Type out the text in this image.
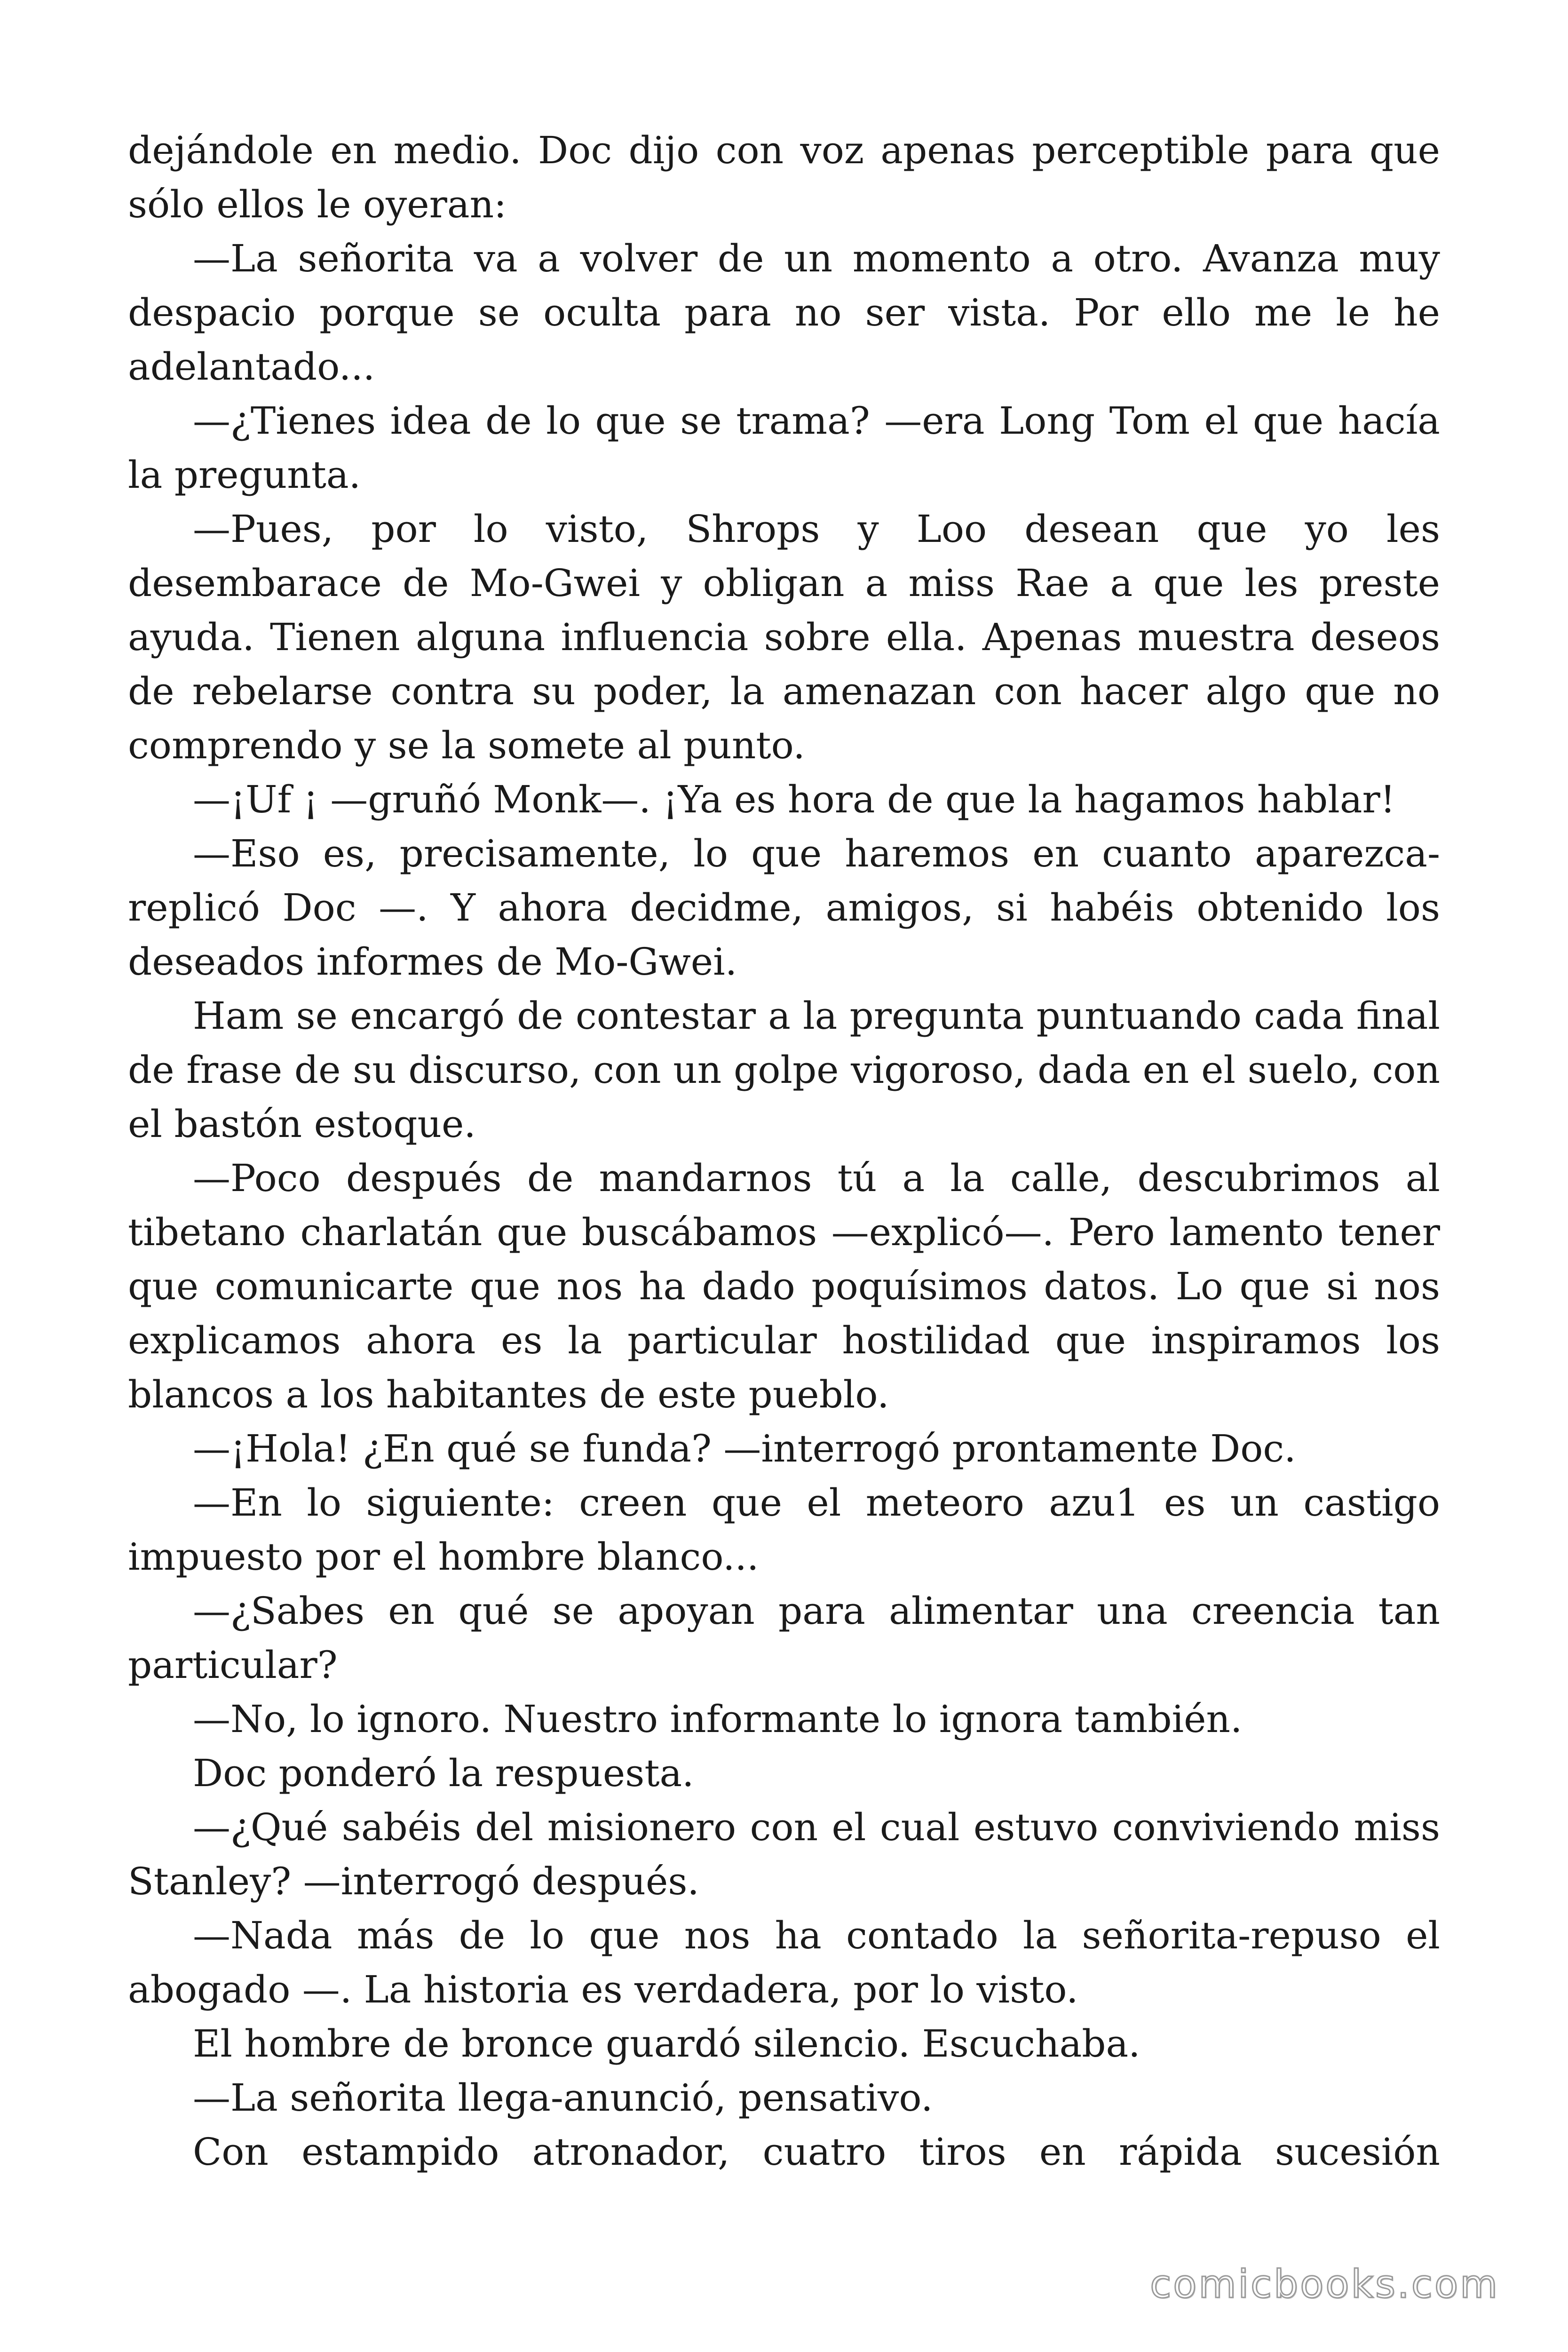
dejándole en medio. Doc dijo con voz apenas perceptible para que sólo ellos le oyeran:

—La señorita va a volver de un momento a otro. Avanza muy despacio porque se oculta para no ser vista. Por ello me le he adelantado...

—¿Tienes idea de lo que se trama? —era Long Tom el que hacía la pregunta.

—Pues, por lo visto, Shrops y Loo desean que yo les desembarace de Mo-Gwei y obligan a miss Rae a que les preste ayuda. Tienen alguna influencia sobre ella. Apenas muestra deseos de rebelarse contra su poder, la amenazan con hacer algo que no comprendo y se la somete al punto.

—¡Uf ¡ —gruñó Monk—. ¡Ya es hora de que la hagamos hablar!

—Eso es, precisamente, lo que haremos en cuanto aparezca-replicó Doc —. Y ahora decidme, amigos, si habéis obtenido los deseados informes de Mo-Gwei.

Ham se encargó de contestar a la pregunta puntuando cada final de frase de su discurso, con un golpe vigoroso, dada en el suelo, con el bastón estoque.

—Poco después de mandarnos tú a la calle, descubrimos al tibetano charlatán que buscábamos —explicó—. Pero lamento tener que comunicarte que nos ha dado poquísimos datos. Lo que si nos explicamos ahora es la particular hostilidad que inspiramos los blancos a los habitantes de este pueblo.

—¡Hola! ¿En qué se funda? —interrogó prontamente Doc.

—En lo siguiente: creen que el meteoro azu1 es un castigo impuesto por el hombre blanco...

—¿Sabes en qué se apoyan para alimentar una creencia tan particular?

—No, lo ignoro. Nuestro informante lo ignora también.

Doc ponderó la respuesta.

—¿Qué sabéis del misionero con el cual estuvo conviviendo miss Stanley? —interrogó después.

—Nada más de lo que nos ha contado la señorita-repuso el abogado —. La historia es verdadera, por lo visto.

El hombre de bronce guardó silencio. Escuchaba.

—La señorita llega-anunció, pensativo.

Con estampido atronador, cuatro tiros en rápida sucesión

comicbooks.com
